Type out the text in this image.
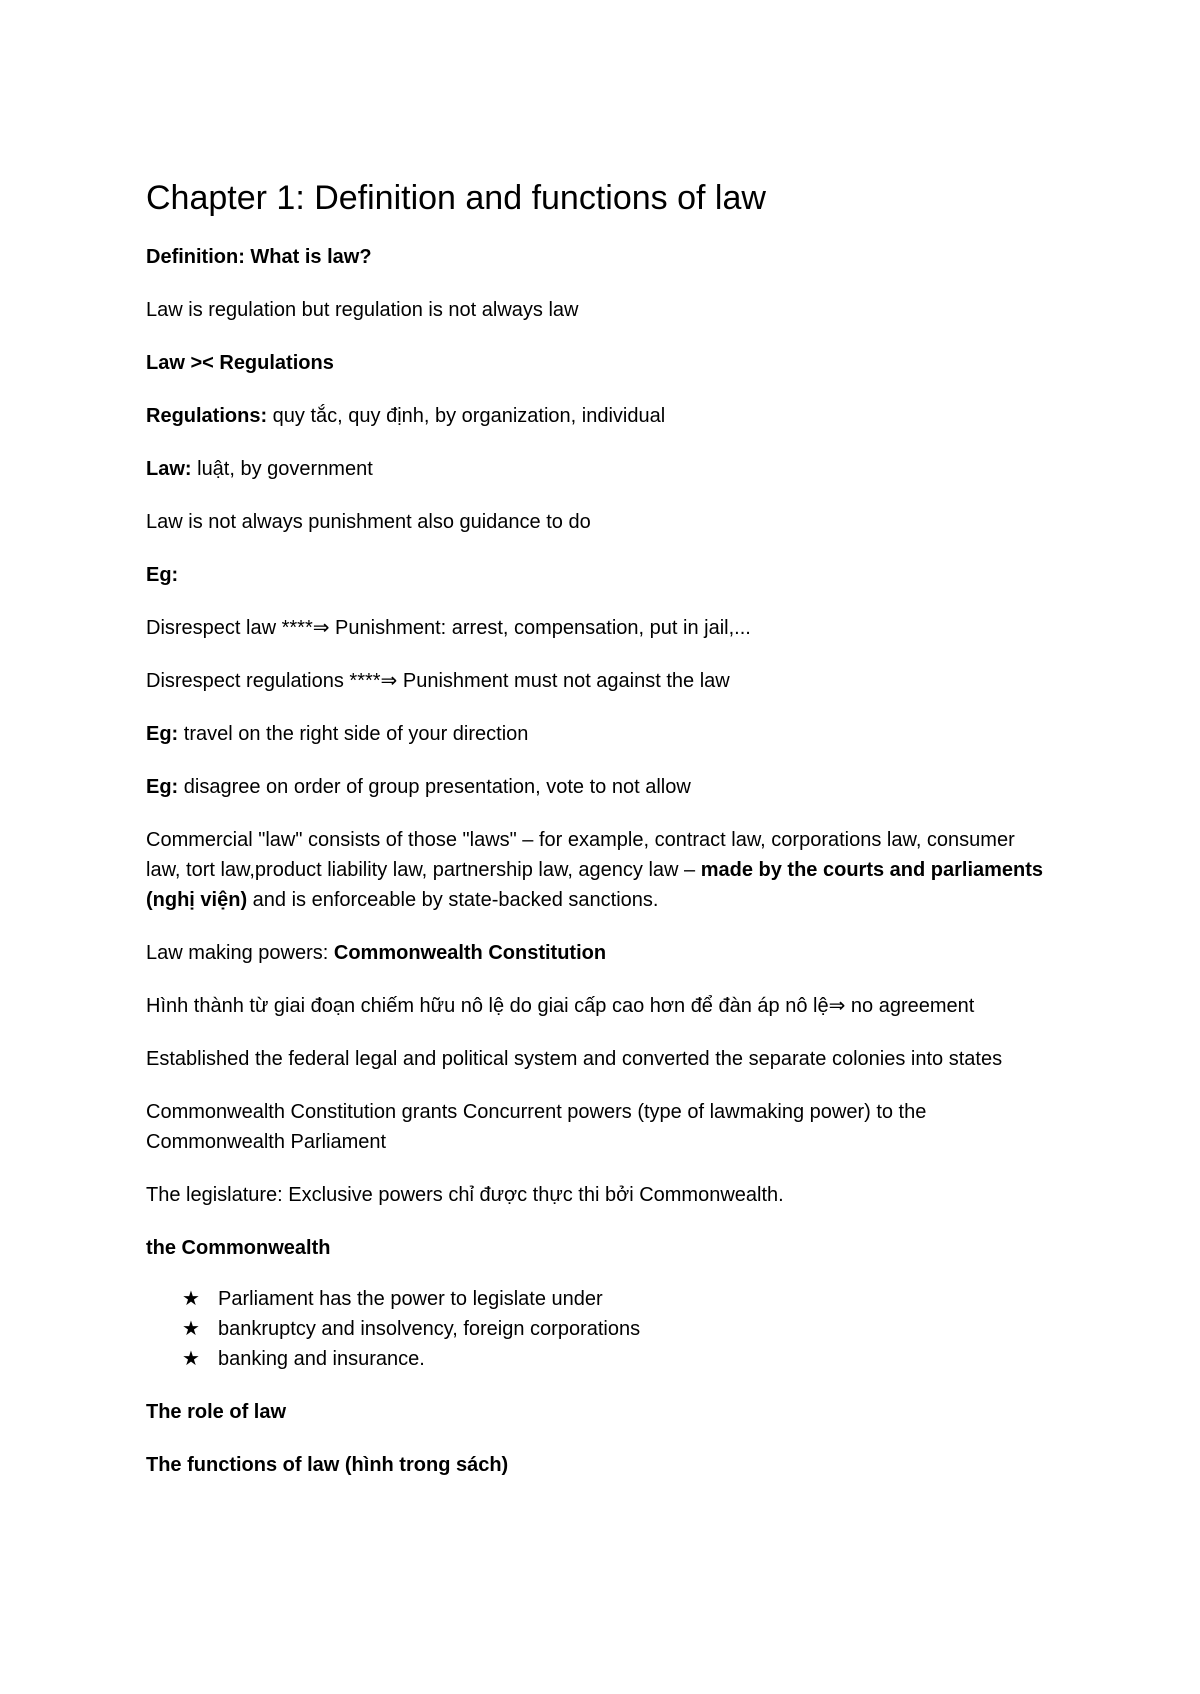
Chapter 1: Definition and functions of law

Definition: What is law?

Law is regulation but regulation is not always law

Law >< Regulations

Regulations: quy tắc, quy định, by organization, individual

Law: luật, by government

Law is not always punishment also guidance to do

Eg:

Disrespect law ****⇒ Punishment: arrest, compensation, put in jail,...

Disrespect regulations ****⇒ Punishment must not against the law

Eg: travel on the right side of your direction

Eg: disagree on order of group presentation, vote to not allow

Commercial "law" consists of those "laws" – for example, contract law, corporations law, consumer law, tort law,product liability law, partnership law, agency law – made by the courts and parliaments (nghị viện) and is enforceable by state-backed sanctions.

Law making powers: Commonwealth Constitution

Hình thành từ giai đoạn chiếm hữu nô lệ do giai cấp cao hơn để đàn áp nô lệ⇒ no agreement

Established the federal legal and political system and converted the separate colonies into states

Commonwealth Constitution grants Concurrent powers (type of lawmaking power) to the Commonwealth Parliament

The legislature: Exclusive powers chỉ được thực thi bởi Commonwealth.

the Commonwealth

★ Parliament has the power to legislate under
★ bankruptcy and insolvency, foreign corporations
★ banking and insurance.

The role of law

The functions of law (hình trong sách)
